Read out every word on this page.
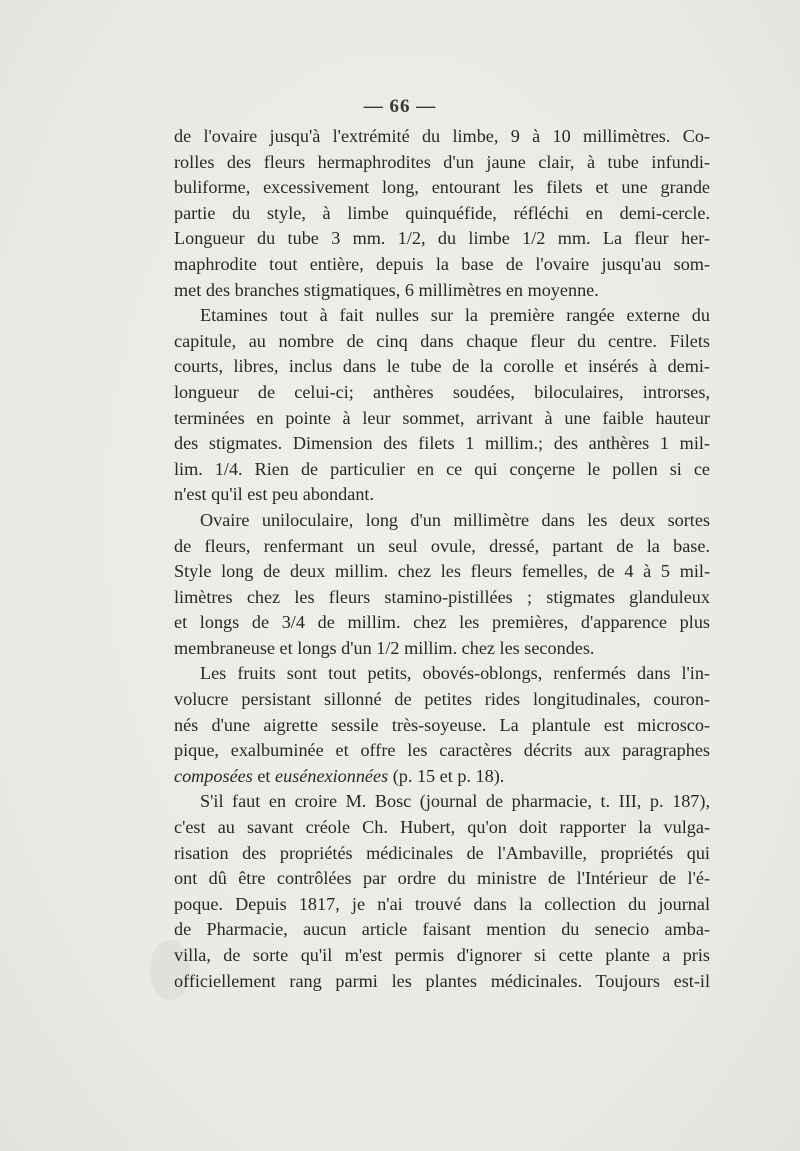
— 66 —
de l'ovaire jusqu'à l'extrémité du limbe, 9 à 10 millimètres. Co-
rolles des fleurs hermaphrodites d'un jaune clair, à tube infundi-
buliforme, excessivement long, entourant les filets et une grande
partie du style, à limbe quinquéfide, réfléchi en demi-cercle.
Longueur du tube 3 mm. 1/2, du limbe 1/2 mm. La fleur her-
maphrodite tout entière, depuis la base de l'ovaire jusqu'au som-
met des branches stigmatiques, 6 millimètres en moyenne.
Etamines tout à fait nulles sur la première rangée externe du
capitule, au nombre de cinq dans chaque fleur du centre. Filets
courts, libres, inclus dans le tube de la corolle et insérés à demi-
longueur de celui-ci; anthères soudées, biloculaires, introrses,
terminées en pointe à leur sommet, arrivant à une faible hauteur
des stigmates. Dimension des filets 1 millim.; des anthères 1 mil-
lim. 1/4. Rien de particulier en ce qui conçerne le pollen si ce
n'est qu'il est peu abondant.
Ovaire uniloculaire, long d'un millimètre dans les deux sortes
de fleurs, renfermant un seul ovule, dressé, partant de la base.
Style long de deux millim. chez les fleurs femelles, de 4 à 5 mil-
limètres chez les fleurs stamino-pistillées ; stigmates glanduleux
et longs de 3/4 de millim. chez les premières, d'apparence plus
membraneuse et longs d'un 1/2 millim. chez les secondes.
Les fruits sont tout petits, obovés-oblongs, renfermés dans l'in-
volucre persistant sillonné de petites rides longitudinales, couron-
nés d'une aigrette sessile très-soyeuse. La plantule est microsco-
pique, exalbuminée et offre les caractères décrits aux paragraphes
composées et eusénexionnées (p. 15 et p. 18).
S'il faut en croire M. Bosc (journal de pharmacie, t. III, p. 187),
c'est au savant créole Ch. Hubert, qu'on doit rapporter la vulga-
risation des propriétés médicinales de l'Ambaville, propriétés qui
ont dû être contrôlées par ordre du ministre de l'Intérieur de l'é-
poque. Depuis 1817, je n'ai trouvé dans la collection du journal
de Pharmacie, aucun article faisant mention du senecio amba-
villa, de sorte qu'il m'est permis d'ignorer si cette plante a pris
officiellement rang parmi les plantes médicinales. Toujours est-il
